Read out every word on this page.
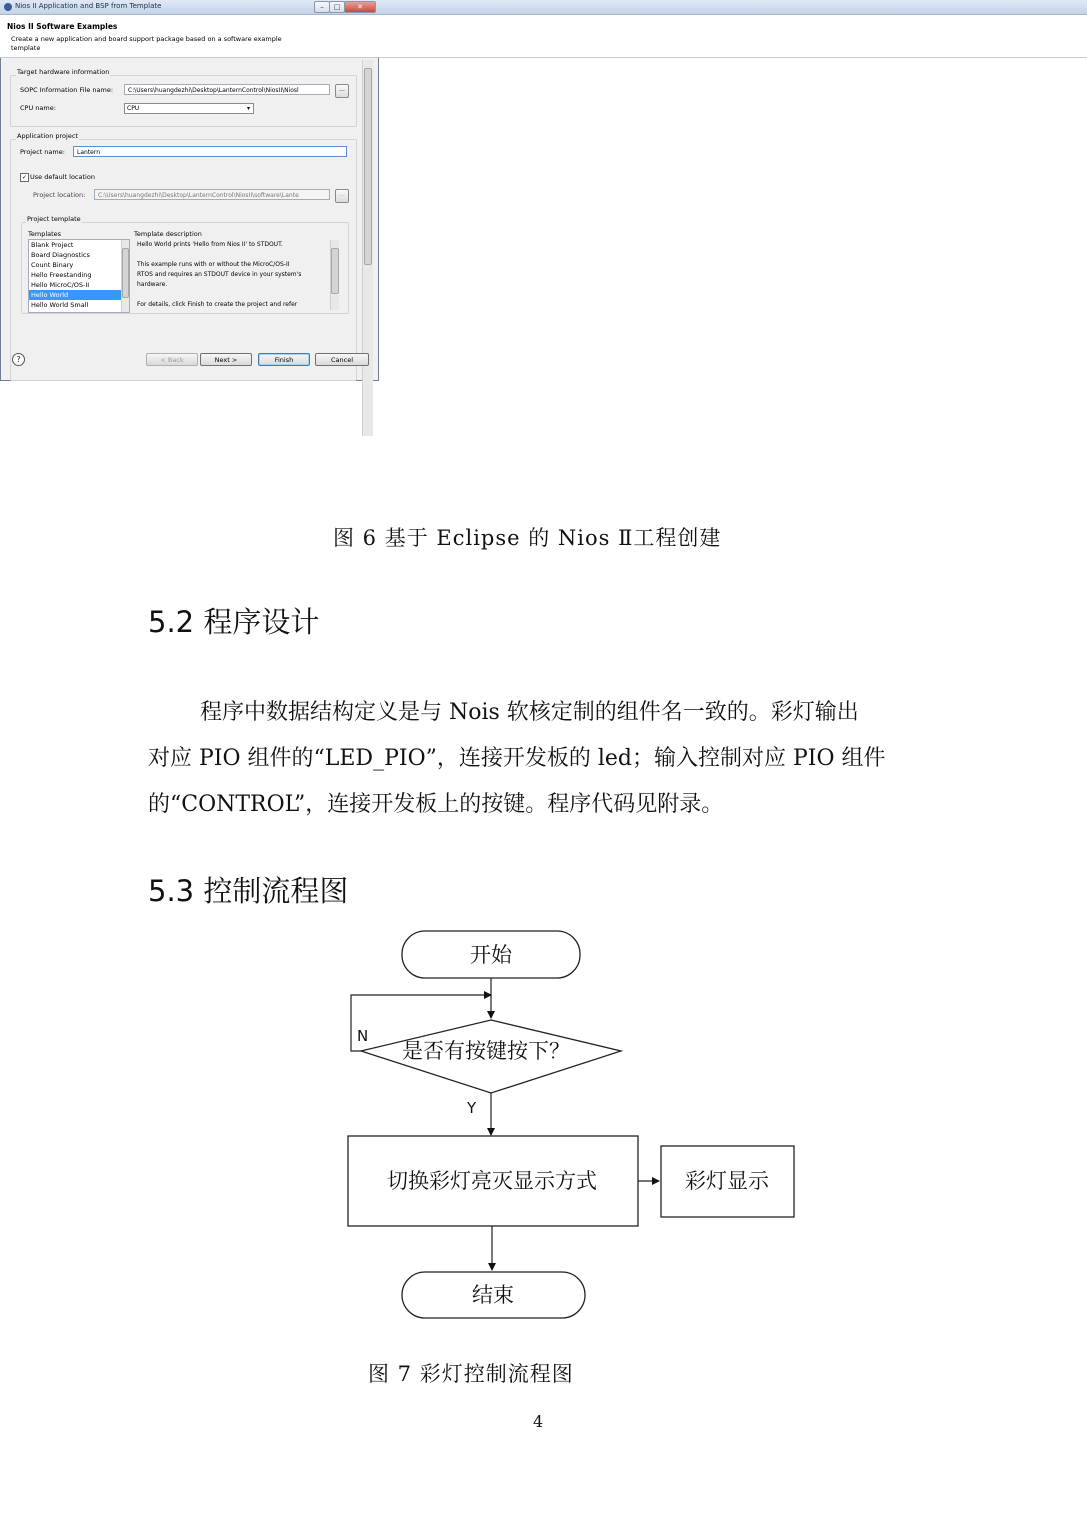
Nios II Application and BSP from Template	–	□	✕
Nios II Software Examples
Create a new application and board support package based on a software example template
Target hardware information
SOPC Information File name:	C:\Users\huangdezhi\Desktop\LanternControl\NiosII\Niosl	...
CPU name:	CPU	▾
Application project
Project name:	Lantern
✓ Use default location
Project location:	C:\Users\huangdezhi\Desktop\LanternControl\NiosII\software\Lante	...
Project template
Templates
Blank Project
Board Diagnostics
Count Binary
Hello Freestanding
Hello MicroC/OS-II
Hello World
Hello World Small
Template description
Hello World prints 'Hello from Nios II' to STDOUT.
This example runs with or without the MicroC/OS-II
RTOS and requires an STDOUT device in your system's
hardware.
For details, click Finish to create the project and refer
?	< Back	Next >	Finish	Cancel
图 6 基于 Eclipse 的 Nios Ⅱ工程创建
5.2 程序设计
程序中数据结构定义是与 Nois 软核定制的组件名一致的。彩灯输出
对应 PIO 组件的“LED_PIO”，连接开发板的 led；输入控制对应 PIO 组件
的“CONTROL”，连接开发板上的按键。程序代码见附录。
5.3 控制流程图
开始
是否有按键按下？
N
Y
切换彩灯亮灭显示方式	彩灯显示
结束
图 7 彩灯控制流程图
4
